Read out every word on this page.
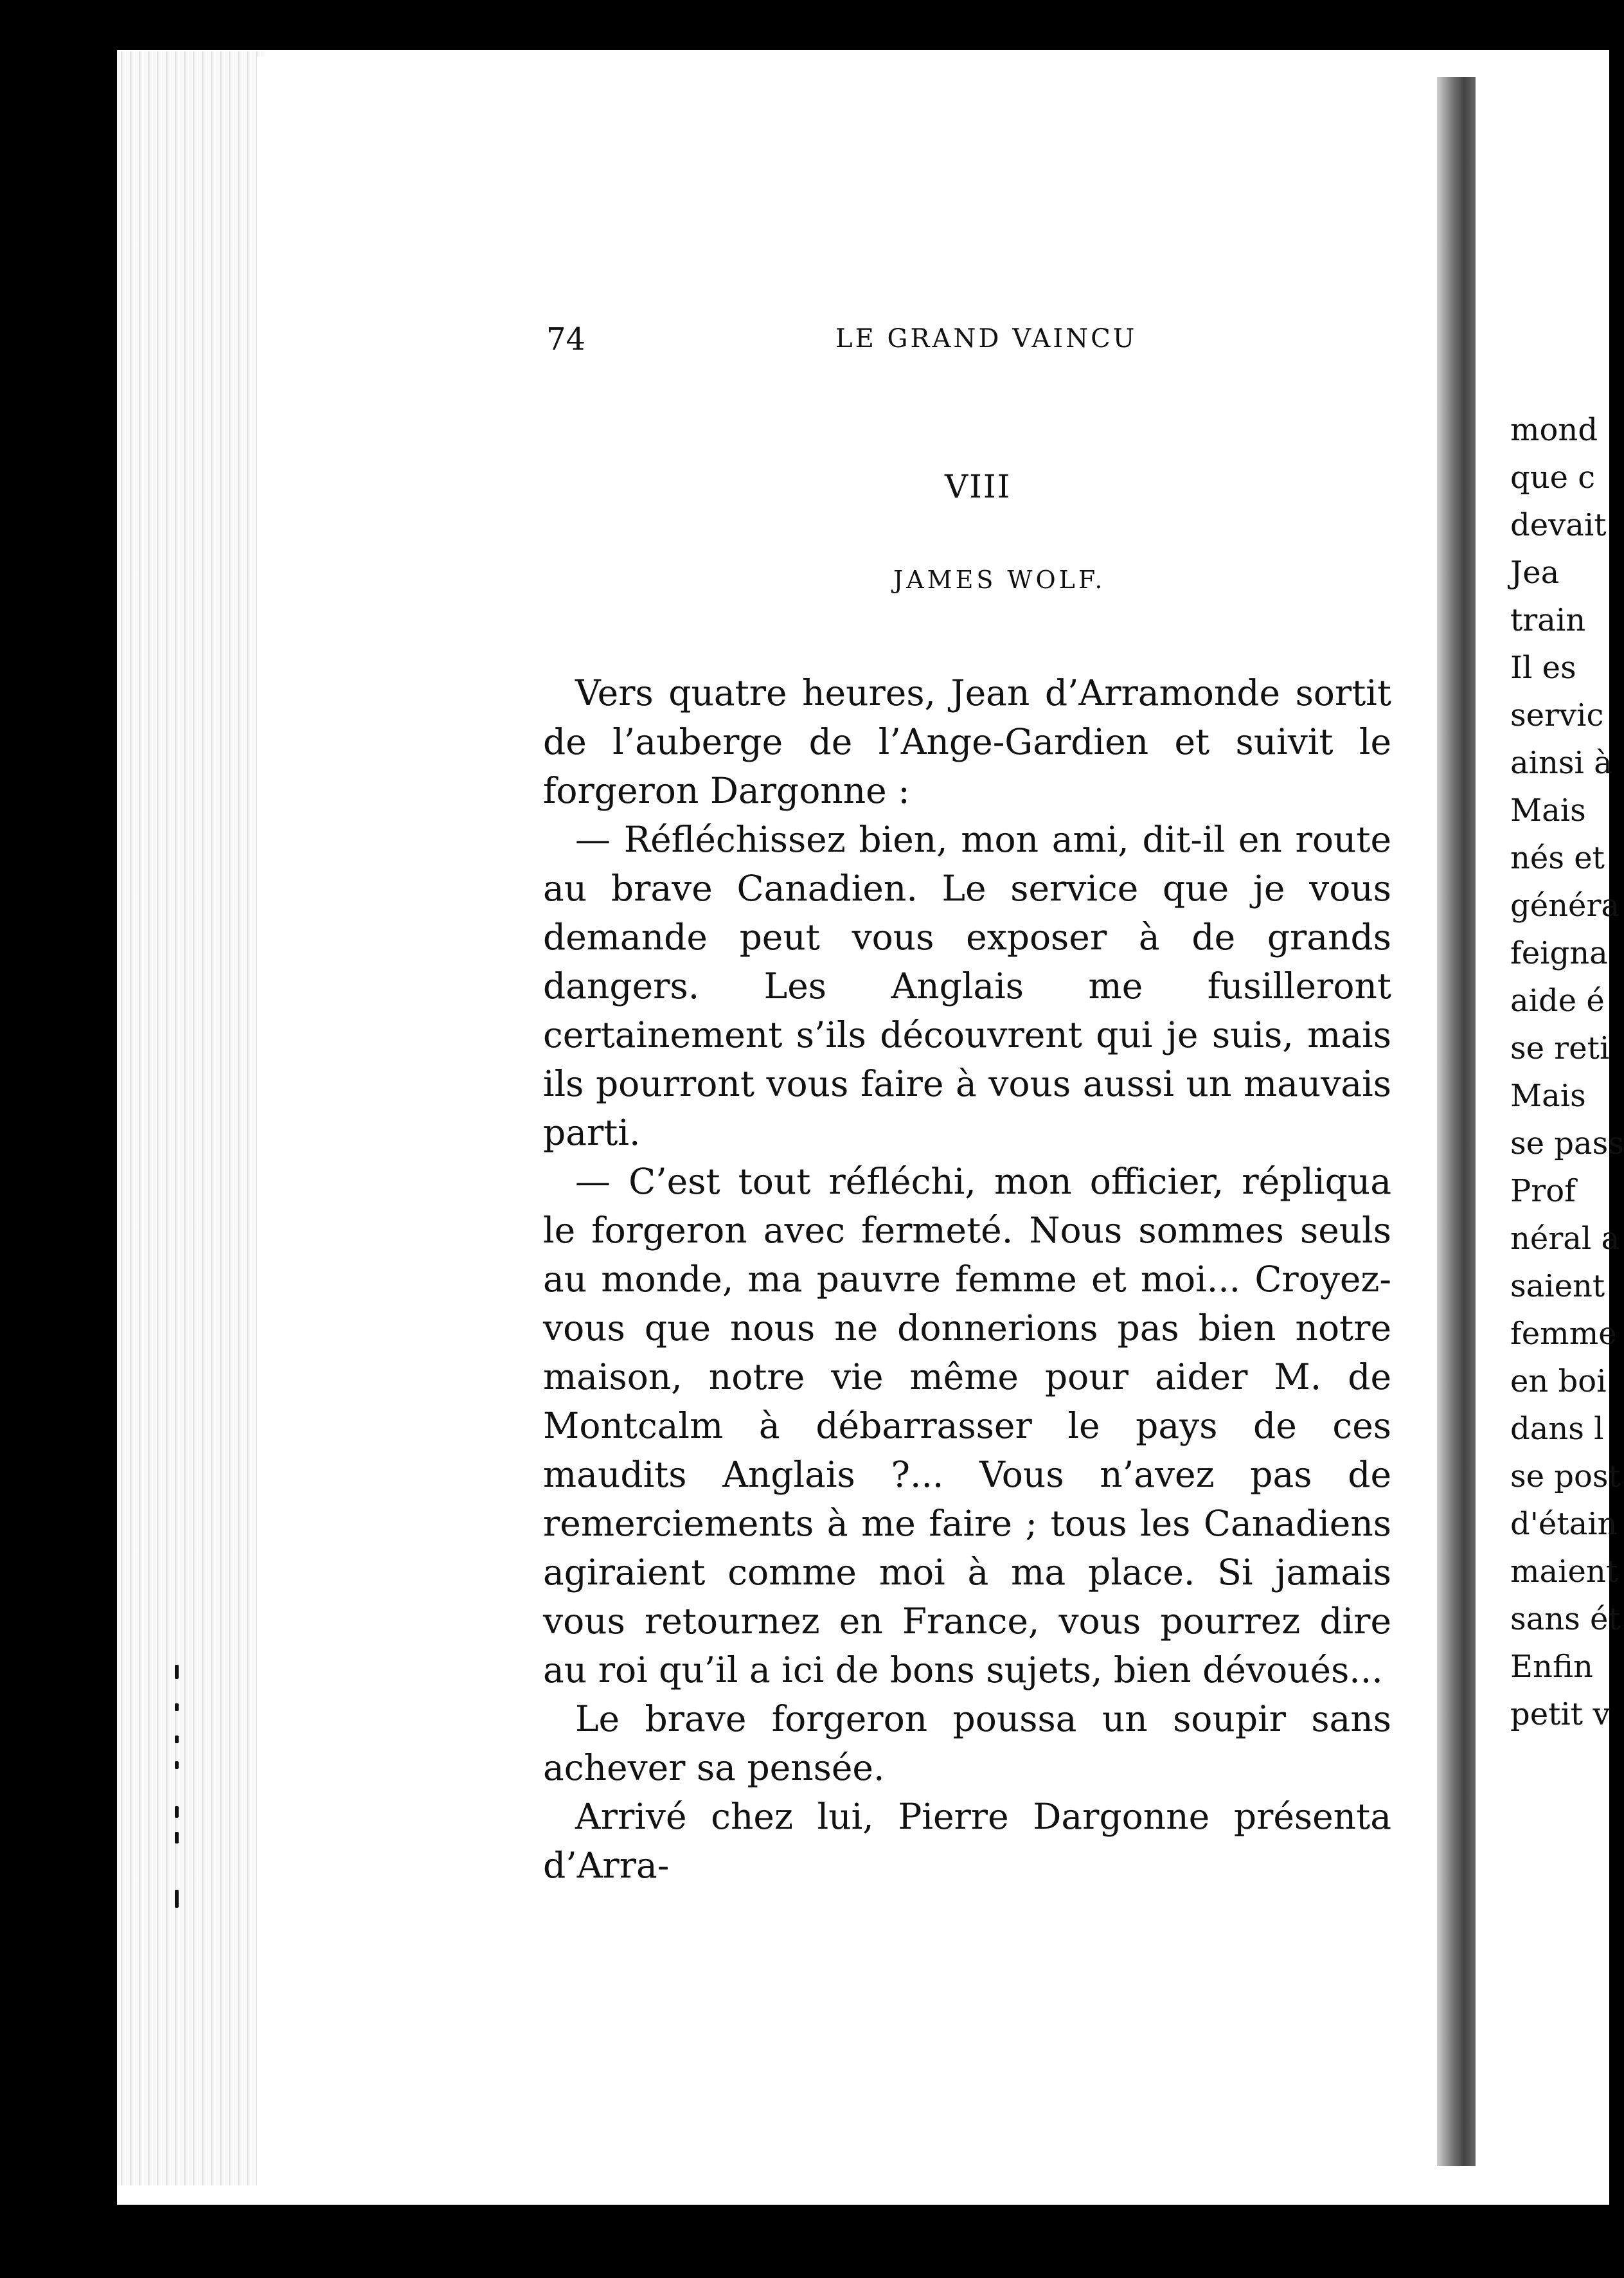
74	LE GRAND VAINCU
VIII
JAMES WOLF.

Vers quatre heures, Jean d’Arramonde sortit de l’auberge de l’Ange-Gardien et suivit le forgeron Dargonne :

— Réfléchissez bien, mon ami, dit-il en route au brave Canadien. Le service que je vous demande peut vous exposer à de grands dangers. Les Anglais me fusilleront certainement s’ils découvrent qui je suis, mais ils pourront vous faire à vous aussi un mauvais parti.

— C’est tout réfléchi, mon officier, répliqua le forgeron avec fermeté. Nous sommes seuls au monde, ma pauvre femme et moi... Croyez-vous que nous ne donnerions pas bien notre maison, notre vie même pour aider M. de Montcalm à débarrasser le pays de ces maudits Anglais ?... Vous n’avez pas de remerciements à me faire ; tous les Canadiens agiraient comme moi à ma place. Si jamais vous retournez en France, vous pourrez dire au roi qu’il a ici de bons sujets, bien dévoués...

Le brave forgeron poussa un soupir sans achever sa pensée.

Arrivé chez lui, Pierre Dargonne présenta d’Arra-

mond
que c
devait
Jea
train
Il es
servic
ainsi à
Mais
nés et
généra
feigna
aide é
se reti
Mais
se pass
Prof
néral a
saient
femme
en boi
dans l
se post
d'étain
maient
sans ét
Enfin
petit v
